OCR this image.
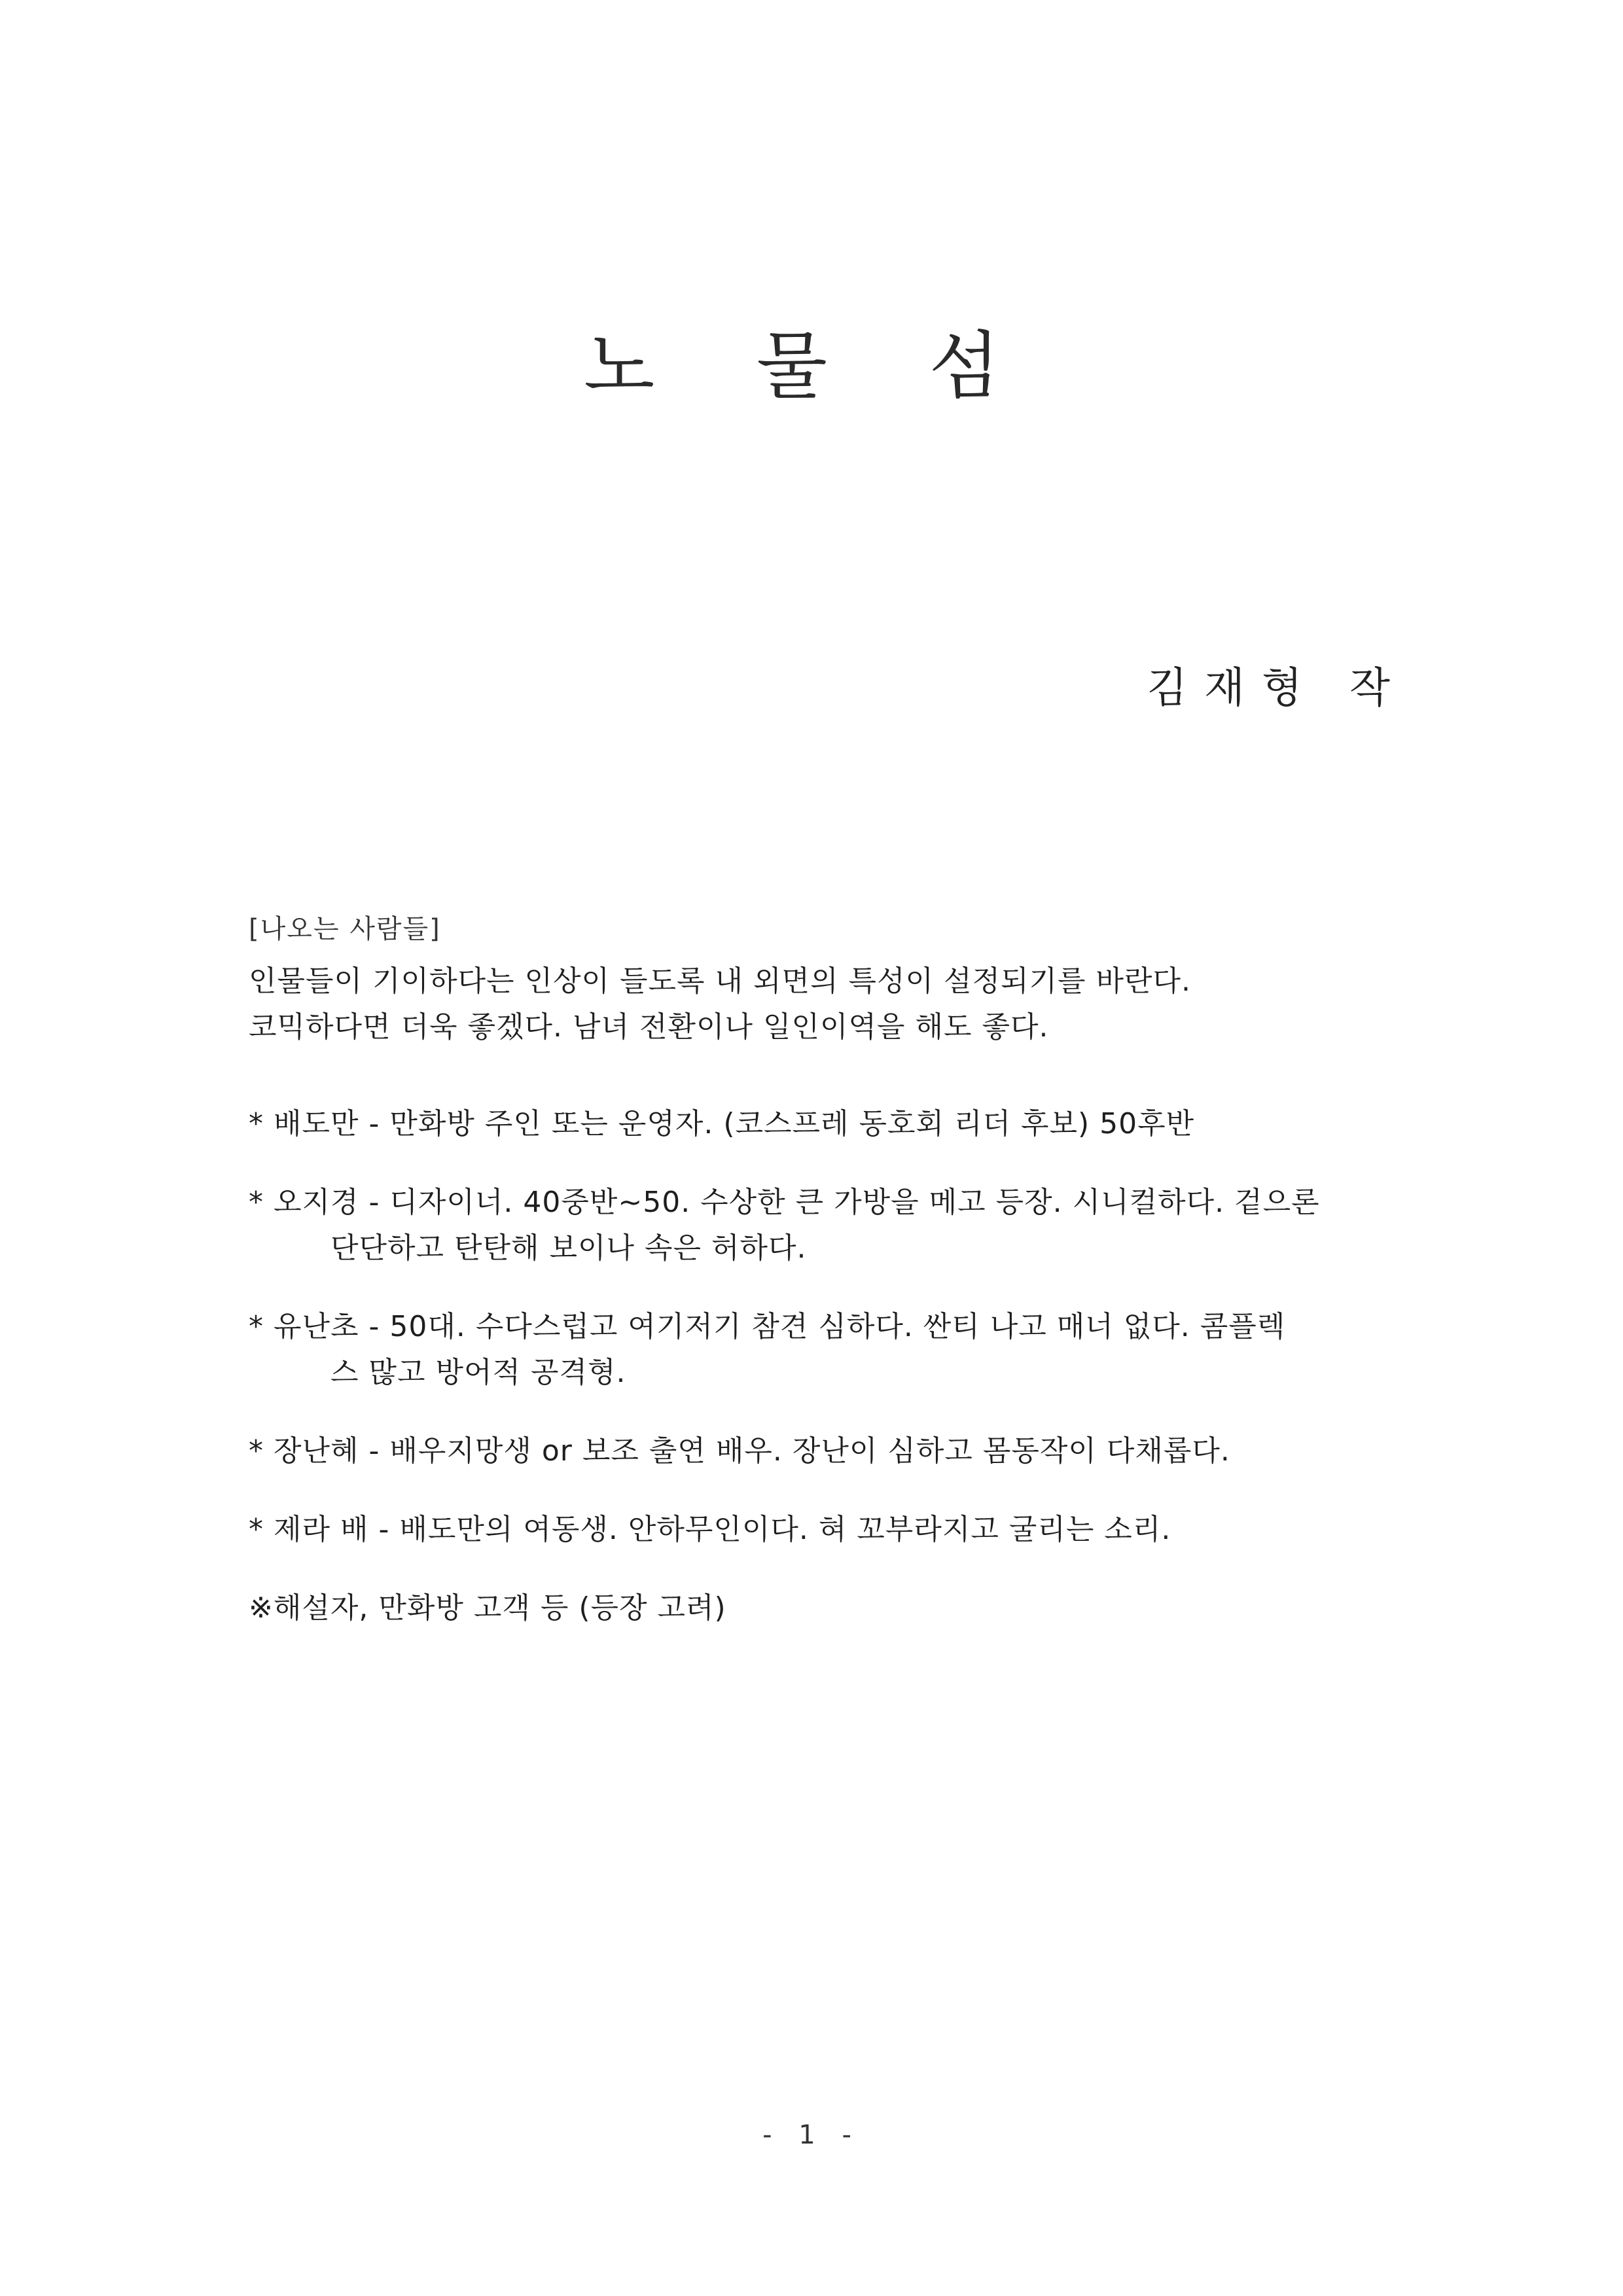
노 물 섬
김재형 작
[나오는 사람들]
인물들이 기이하다는 인상이 들도록 내 외면의 특성이 설정되기를 바란다.
코믹하다면 더욱 좋겠다. 남녀 전환이나 일인이역을 해도 좋다.
* 배도만 - 만화방 주인 또는 운영자. (코스프레 동호회 리더 후보) 50후반
* 오지경 - 디자이너. 40중반~50. 수상한 큰 가방을 메고 등장. 시니컬하다. 겉으론
단단하고 탄탄해 보이나 속은 허하다.
* 유난초 - 50대. 수다스럽고 여기저기 참견 심하다. 싼티 나고 매너 없다. 콤플렉
스 많고 방어적 공격형.
* 장난혜 - 배우지망생 or 보조 출연 배우. 장난이 심하고 몸동작이 다채롭다.
* 제라 배 - 배도만의 여동생. 안하무인이다. 혀 꼬부라지고 굴리는 소리.
※해설자, 만화방 고객 등 (등장 고려)
- 1 -
